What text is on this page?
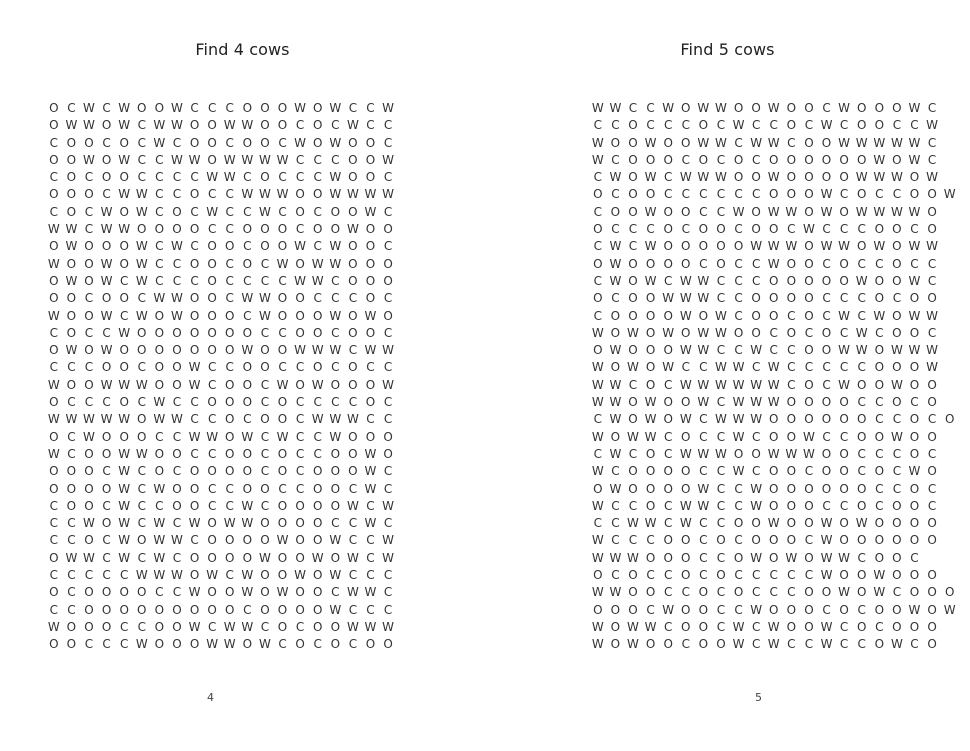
Find 4 cows
O C W C W O O W C C C O O O W O W C C W
O W W O W C W W O O W W O O C O C W C C
C O O C O C W C O O C O O C W O W O O C
O O W O W C C W W O W W W W C C C O O W
C O C O O C C C C W W C O C C C W O O C
O O O C W W C C O C C W W W O O W W W W
C O C W O W C O C W C C W C O C O O W C
W W C W W O O O O C C O O O C O O W O O
O W O O O W C W C O O C O O W C W O O C
W O O W O W C C O O C O C W O W W O O O
O W O W C W C C C O C C C C W W C O O O
O O C O O C W W O O C W W O O C C C O C
W O O W C W O W O O O C W O O O W O W O
C O C C W O O O O O O O C C O O C O O C
O W O W O O O O O O O W O O W W W C W W
C C C O O C O O W C C O O C C O C O C C
W O O W W W O O W C O O C W O W O O O W
O C C C O C W C C O O O C O C C C C O C
W W W W W O W W C C O C O O C W W W C C
O C W O O O C C W W O W C W C C W O O O
W C O O W W O O C C O O C O C C O O W O
O O O C W C O C O O O O C O C O O O W C
O O O O W C W O O C C O O C C O O C W C
C O O C W C C O O C C W C O O O O W C W
C C W O W C W C W O W W O O O O C C W C
C C O C W O W W C O O O O W O O W C C W
O W W C W C W C O O O O W O O W O W C W
C C C C C W W W O W C W O O W O W C C C
O C O O O O C C W O O W O W O O C W W C
C C O O O O O O O O O C O O O O W C C C
W O O O C C O O W C W W C O C O O W W W
O O C C C W O O O W W O W C O C O C O O
4
Find 5 cows
W W C C W O W W O O W O O C W O O O W C
C C O C C C O C W C C O C W C O O C C W
W O O W O O W W C W W C O O W W W W W C
W C O O O C O C O C O O O O O O W O W C
C W O W C W W W O O W O O O O W W W O W
O C O O C C C C C C O O O W C O C C O O W
C O O W O O C C W O W W O W O W W W W O
O C C C O C O O C O O C W C C C O O C O
C W C W O O O O O W W W O W W O W O W W
O W O O O O C O C C W O O C O C C O C C
C W O W C W W C C C O O O O O W O O W C
O C O O W W W C C O O O O C C C O C O O
C O O O O W O W C O O C O C W C W O W W
W O W O W O W W O O C O C O C W C O O C
O W O O O W W C C W C C O O W W O W W W
W O W O W C C W W C W C C C C C O O O W
W W C O C W W W W W W C O C W O O W O O
W W O W O O W C W W W O O O O C C O C O
C W O W O W C W W W O O O O O O C C O C O
W O W W C O C C W C O O W C C O O W O O
C W C O C W W W O O W W W O O C C C O C
W C O O O O C C W C O O C O O C O C W O
O W O O O O W C C W O O O O O O C C O C
W C C O C W W C C W O O O C C O C O O C
C C W W C W C C O O W O O W O W O O O O
W C C C O O C O C O O O C W O O O O O O
W W W O O O C C O W O W O W W C O O C
O C O C C O C O C C C C C W O O W O O O
W W O O C C O C O C C C O O W O W C O O O
O O O C W O O C C W O O O C O C O O W O W
W O W W C O O C W C W O O W C O C O O O
W O W O O C O O W C W C C W C C O W C O
5
